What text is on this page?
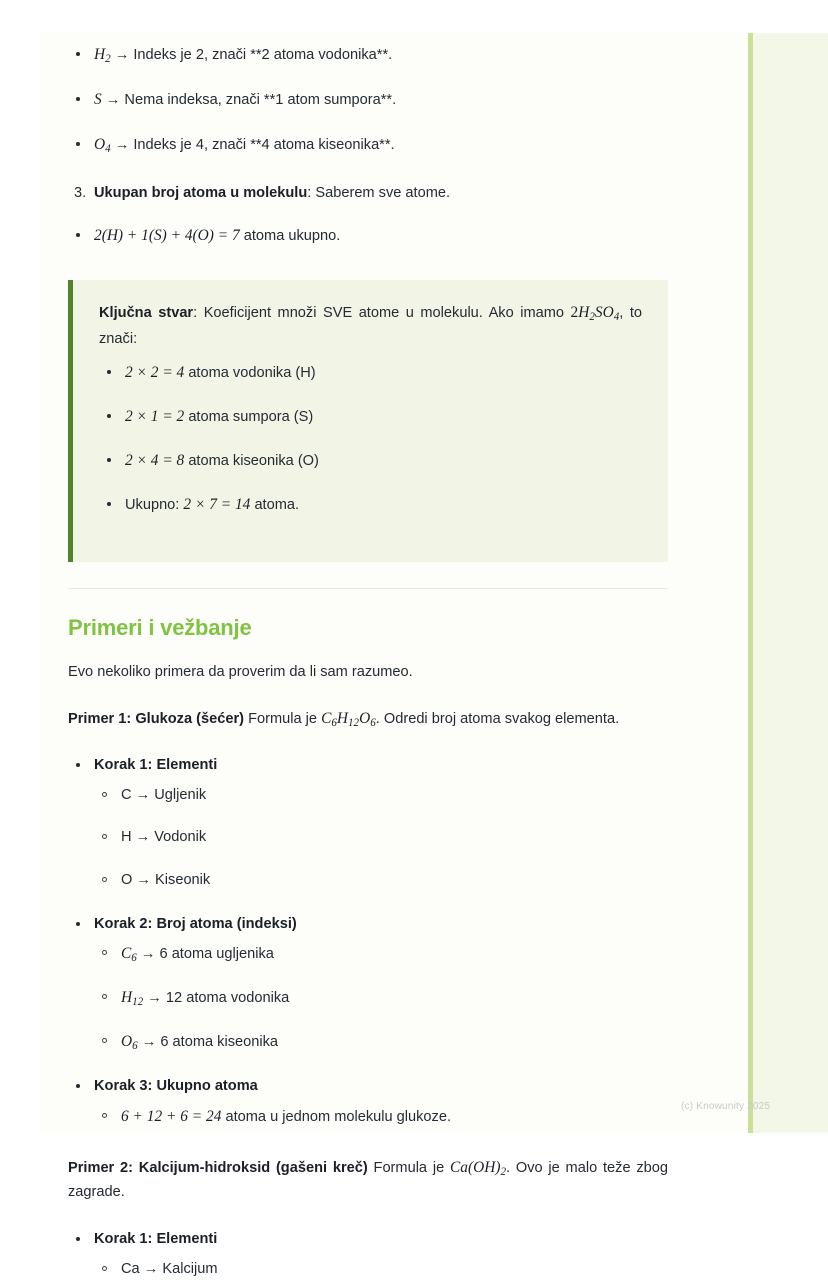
$H_2$ → Indeks je 2, znači **2 atoma vodonika**.
S → Nema indeksa, znači **1 atom sumpora**.
$O_4$ → Indeks je 4, znači **4 atoma kiseonika**.
3. Ukupan broj atoma u molekulu: Saberem sve atome.
2(H) + 1(S) + 4(O) = 7 atoma ukupno.

Ključna stvar: Koeficijent množi SVE atome u molekulu. Ako imamo $2H_2SO_4$, to znači:

2 × 2 = 4 atoma vodonika (H)
2 × 1 = 2 atoma sumpora (S)
2 × 4 = 8 atoma kiseonika (O)
Ukupno: 2 × 7 = 14 atoma.
Primeri i vežbanje

Evo nekoliko primera da proverim da li sam razumeo.

Primer 1: Glukoza (šećer) Formula je $C_6H_{12}O_6$. Odredi broj atoma svakog elementa.

Korak 1: Elementi
C → Ugljenik
H → Vodonik
O → Kiseonik
Korak 2: Broj atoma (indeksi)
$C_6 \to 6$ atoma ugljenika
$H_{12} \to 12$ atoma vodonika
$O_6 \to 6$ atoma kiseonika
Korak 3: Ukupno atoma
6 + 12 + 6 = 24 atoma u jednom molekulu glukoze.

Primer 2: Kalcijum-hidroksid (gašeni kreč) Formula je $Ca(OH)_2$. Ovo je malo teže zbog zagrade.

Korak 1: Elementi
Ca → Kalcijum
(c) Knowunity 2025
